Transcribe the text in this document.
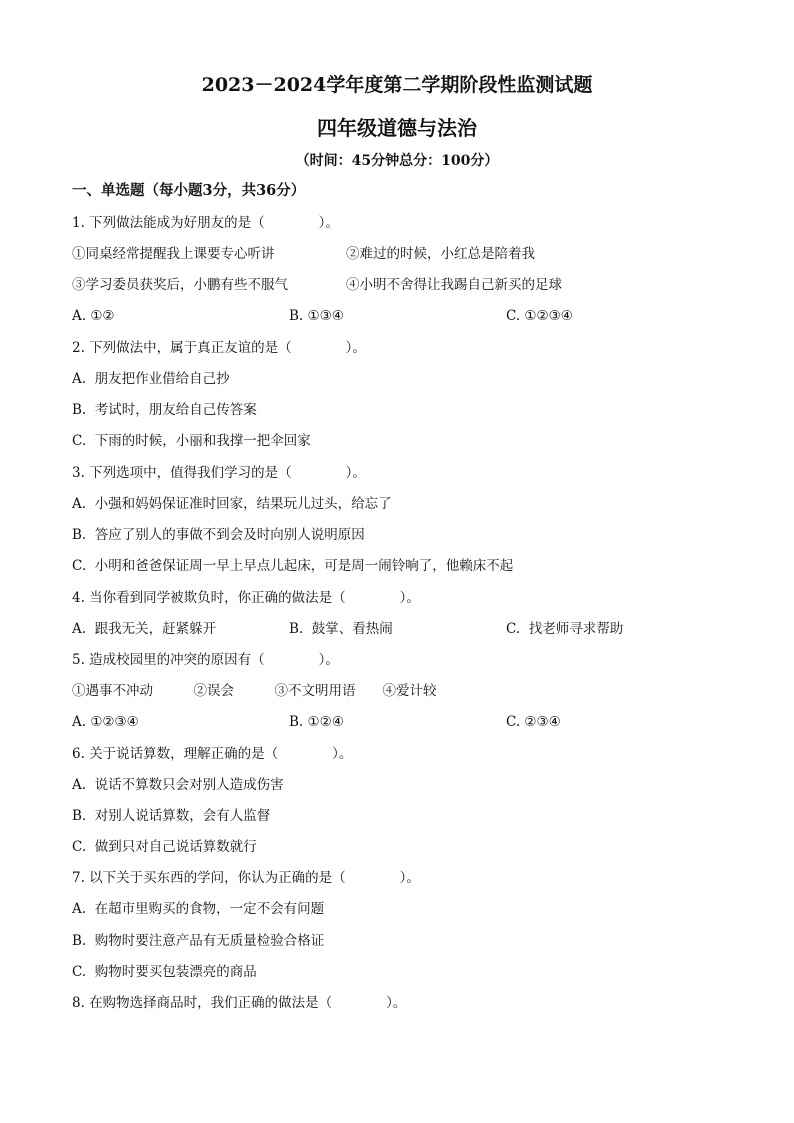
2023－2024学年度第二学期阶段性监测试题
四年级道德与法治
（时间：45分钟总分：100分）
一、单选题（每小题3分，共36分）
1. 下列做法能成为好朋友的是（　　　　）。
①同桌经常提醒我上课要专心听讲	②难过的时候，小红总是陪着我
③学习委员获奖后，小鹏有些不服气	④小明不舍得让我踢自己新买的足球
A. ①②	B. ①③④	C. ①②③④
2. 下列做法中，属于真正友谊的是（　　　　）。
A.  朋友把作业借给自己抄
B.  考试时，朋友给自己传答案
C.  下雨的时候，小丽和我撑一把伞回家
3. 下列选项中，值得我们学习的是（　　　　）。
A.  小强和妈妈保证准时回家，结果玩儿过头，给忘了
B.  答应了别人的事做不到会及时向别人说明原因
C.  小明和爸爸保证周一早上早点儿起床，可是周一闹铃响了，他赖床不起
4. 当你看到同学被欺负时，你正确的做法是（　　　　）。
A.  跟我无关，赶紧躲开	B.  鼓掌、看热闹	C.  找老师寻求帮助
5. 造成校园里的冲突的原因有（　　　　）。
①遇事不冲动　　　②误会　　　③不文明用语　　④爱计较
A. ①②③④	B. ①②④	C. ②③④
6. 关于说话算数，理解正确的是（　　　　）。
A.  说话不算数只会对别人造成伤害
B.  对别人说话算数，会有人监督
C.  做到只对自己说话算数就行
7. 以下关于买东西的学问，你认为正确的是（　　　　）。
A.  在超市里购买的食物，一定不会有问题
B.  购物时要注意产品有无质量检验合格证
C.  购物时要买包装漂亮的商品
8. 在购物选择商品时，我们正确的做法是（　　　　）。
